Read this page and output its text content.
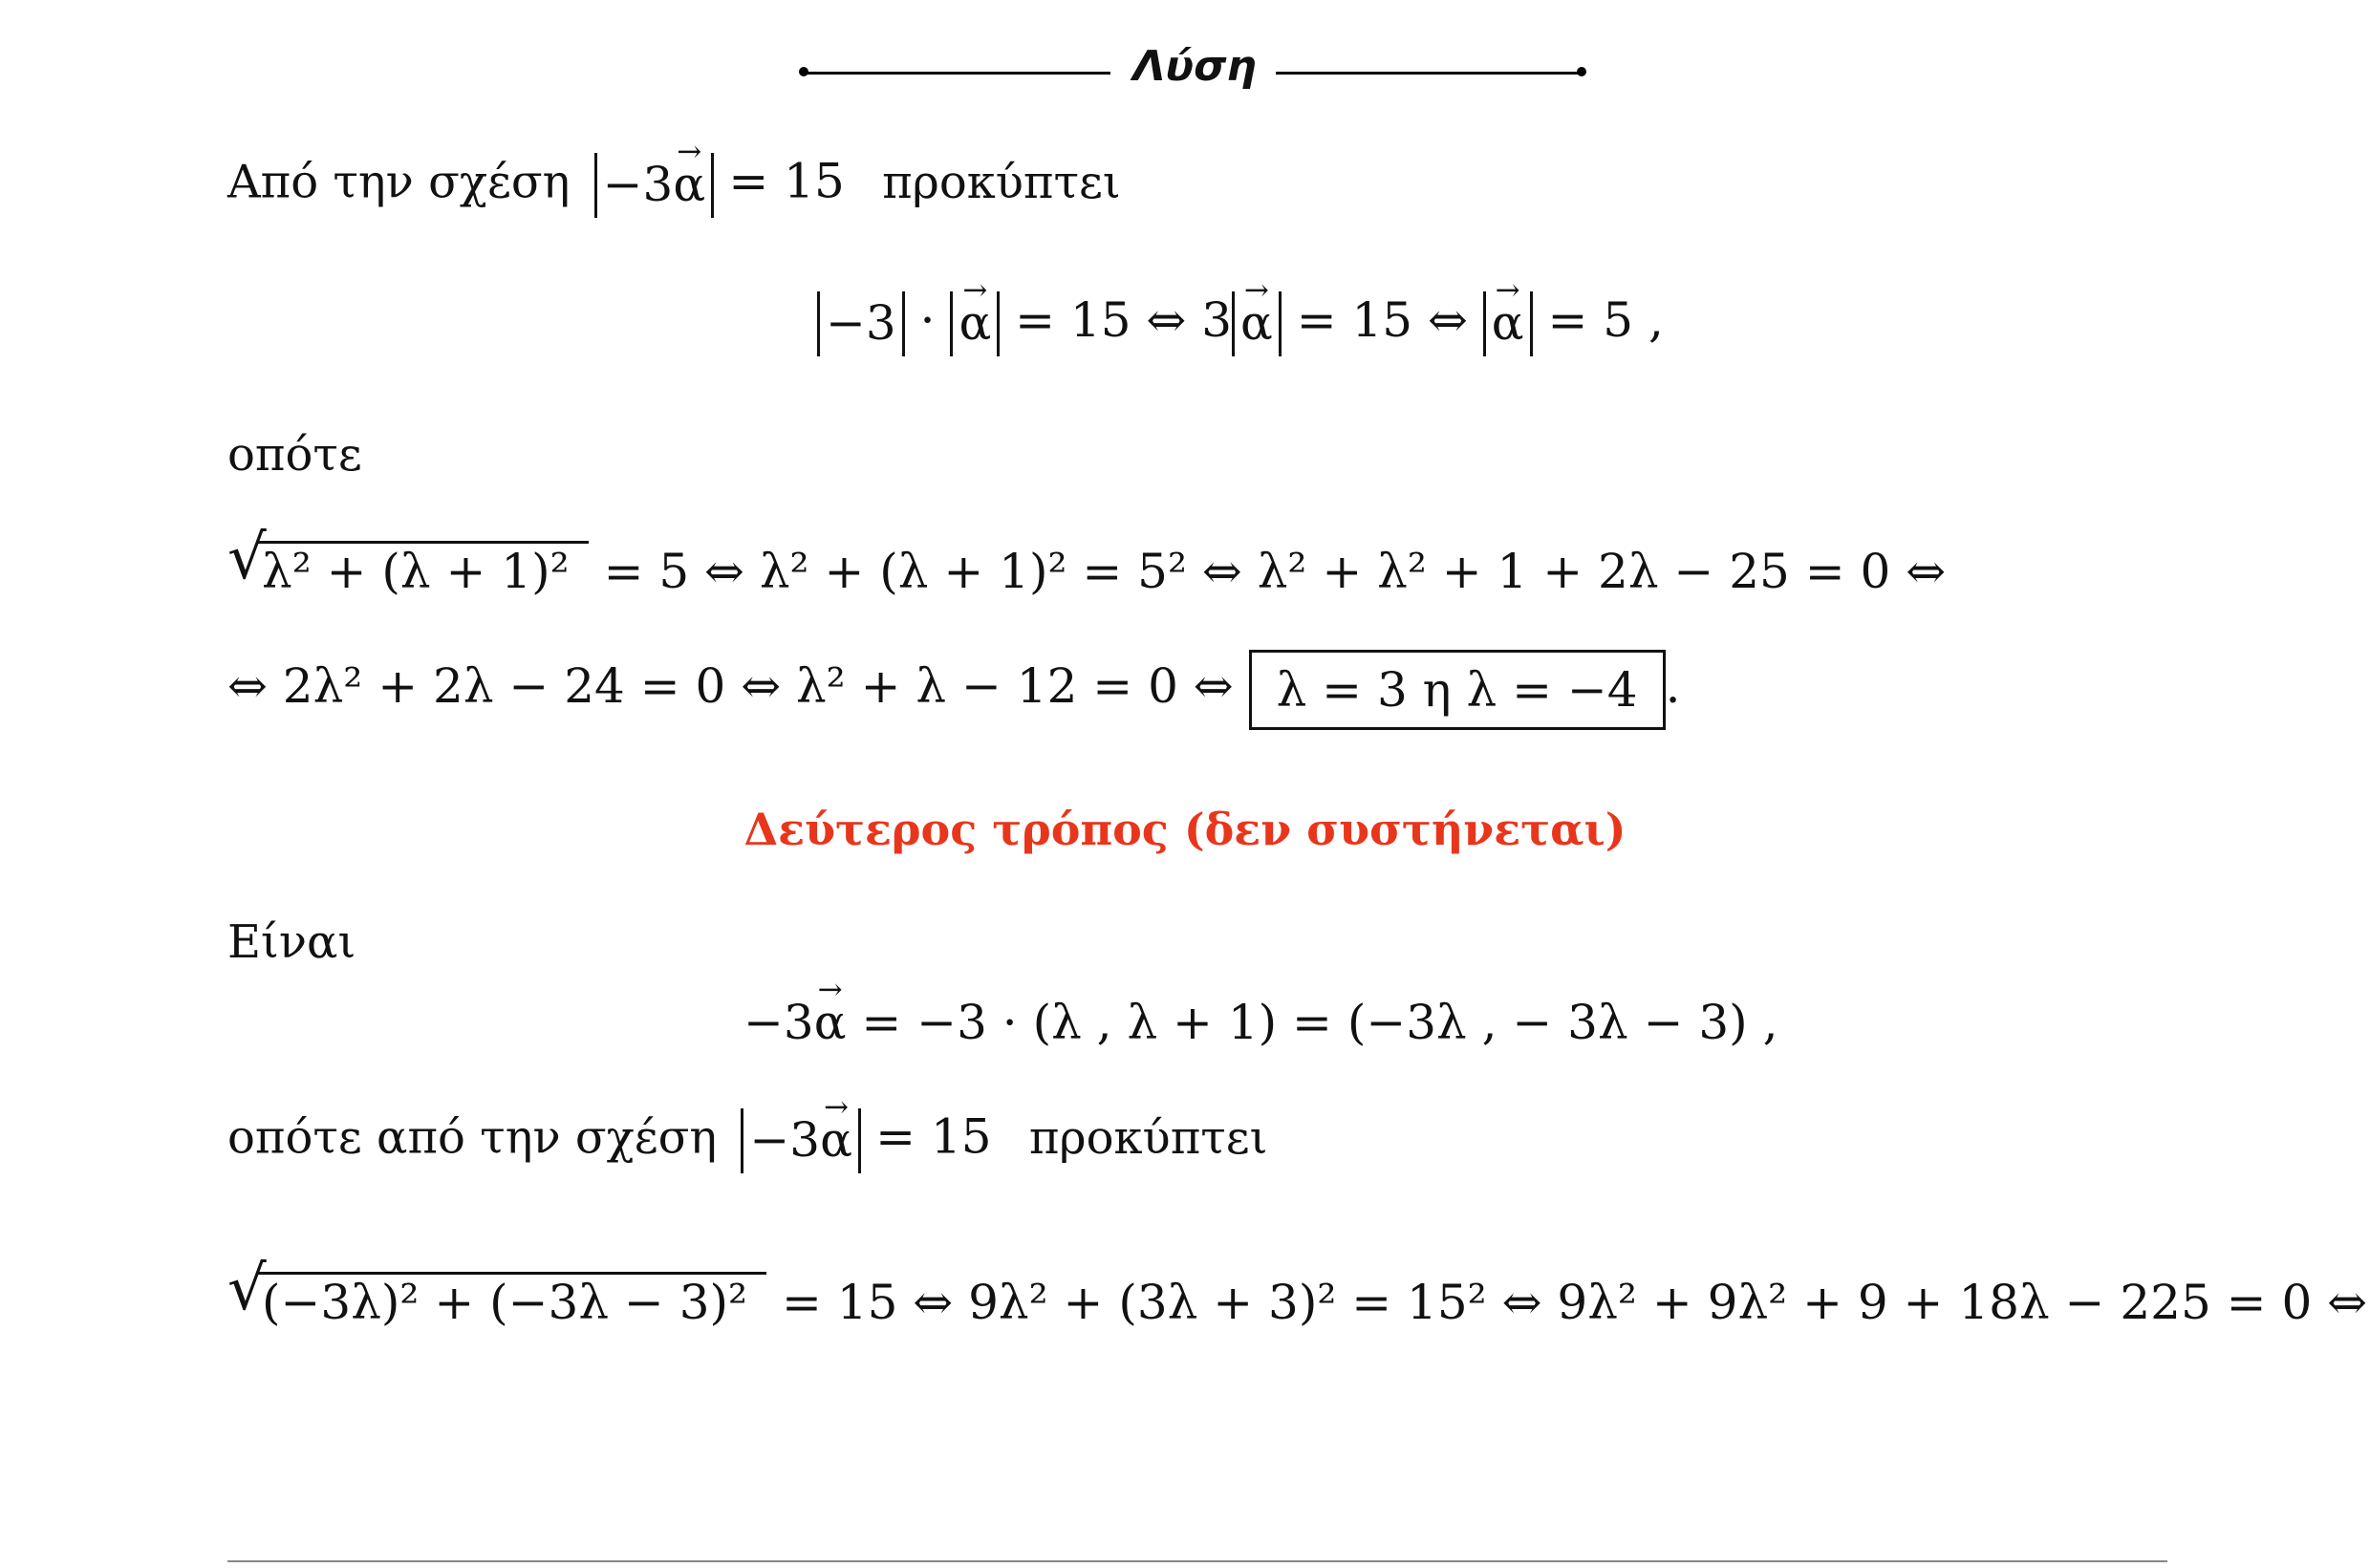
Λύση
Από την σχέση −3→ α = 15 προκύπτει
−3 · → α = 15 ⇔ 3 → α = 15 ⇔ → α = 5 ,
οπότε
√
λ² + (λ + 1)² = 5 ⇔ λ² + (λ + 1)² = 5² ⇔ λ² + λ² + 1 + 2λ − 25 = 0 ⇔
⇔ 2λ² + 2λ − 24 = 0 ⇔ λ² + λ − 12 = 0 ⇔ λ = 3 η λ = −4 .
Δεύτερος τρόπος (δεν συστήνεται)
Είναι
−3→ α = −3 · (λ , λ + 1) = (−3λ , − 3λ − 3) ,
οπότε από την σχέση −3→ α = 15 προκύπτει
√
(−3λ)² + (−3λ − 3)² = 15 ⇔ 9λ² + (3λ + 3)² = 15² ⇔ 9λ² + 9λ² + 9 + 18λ − 225 = 0 ⇔
